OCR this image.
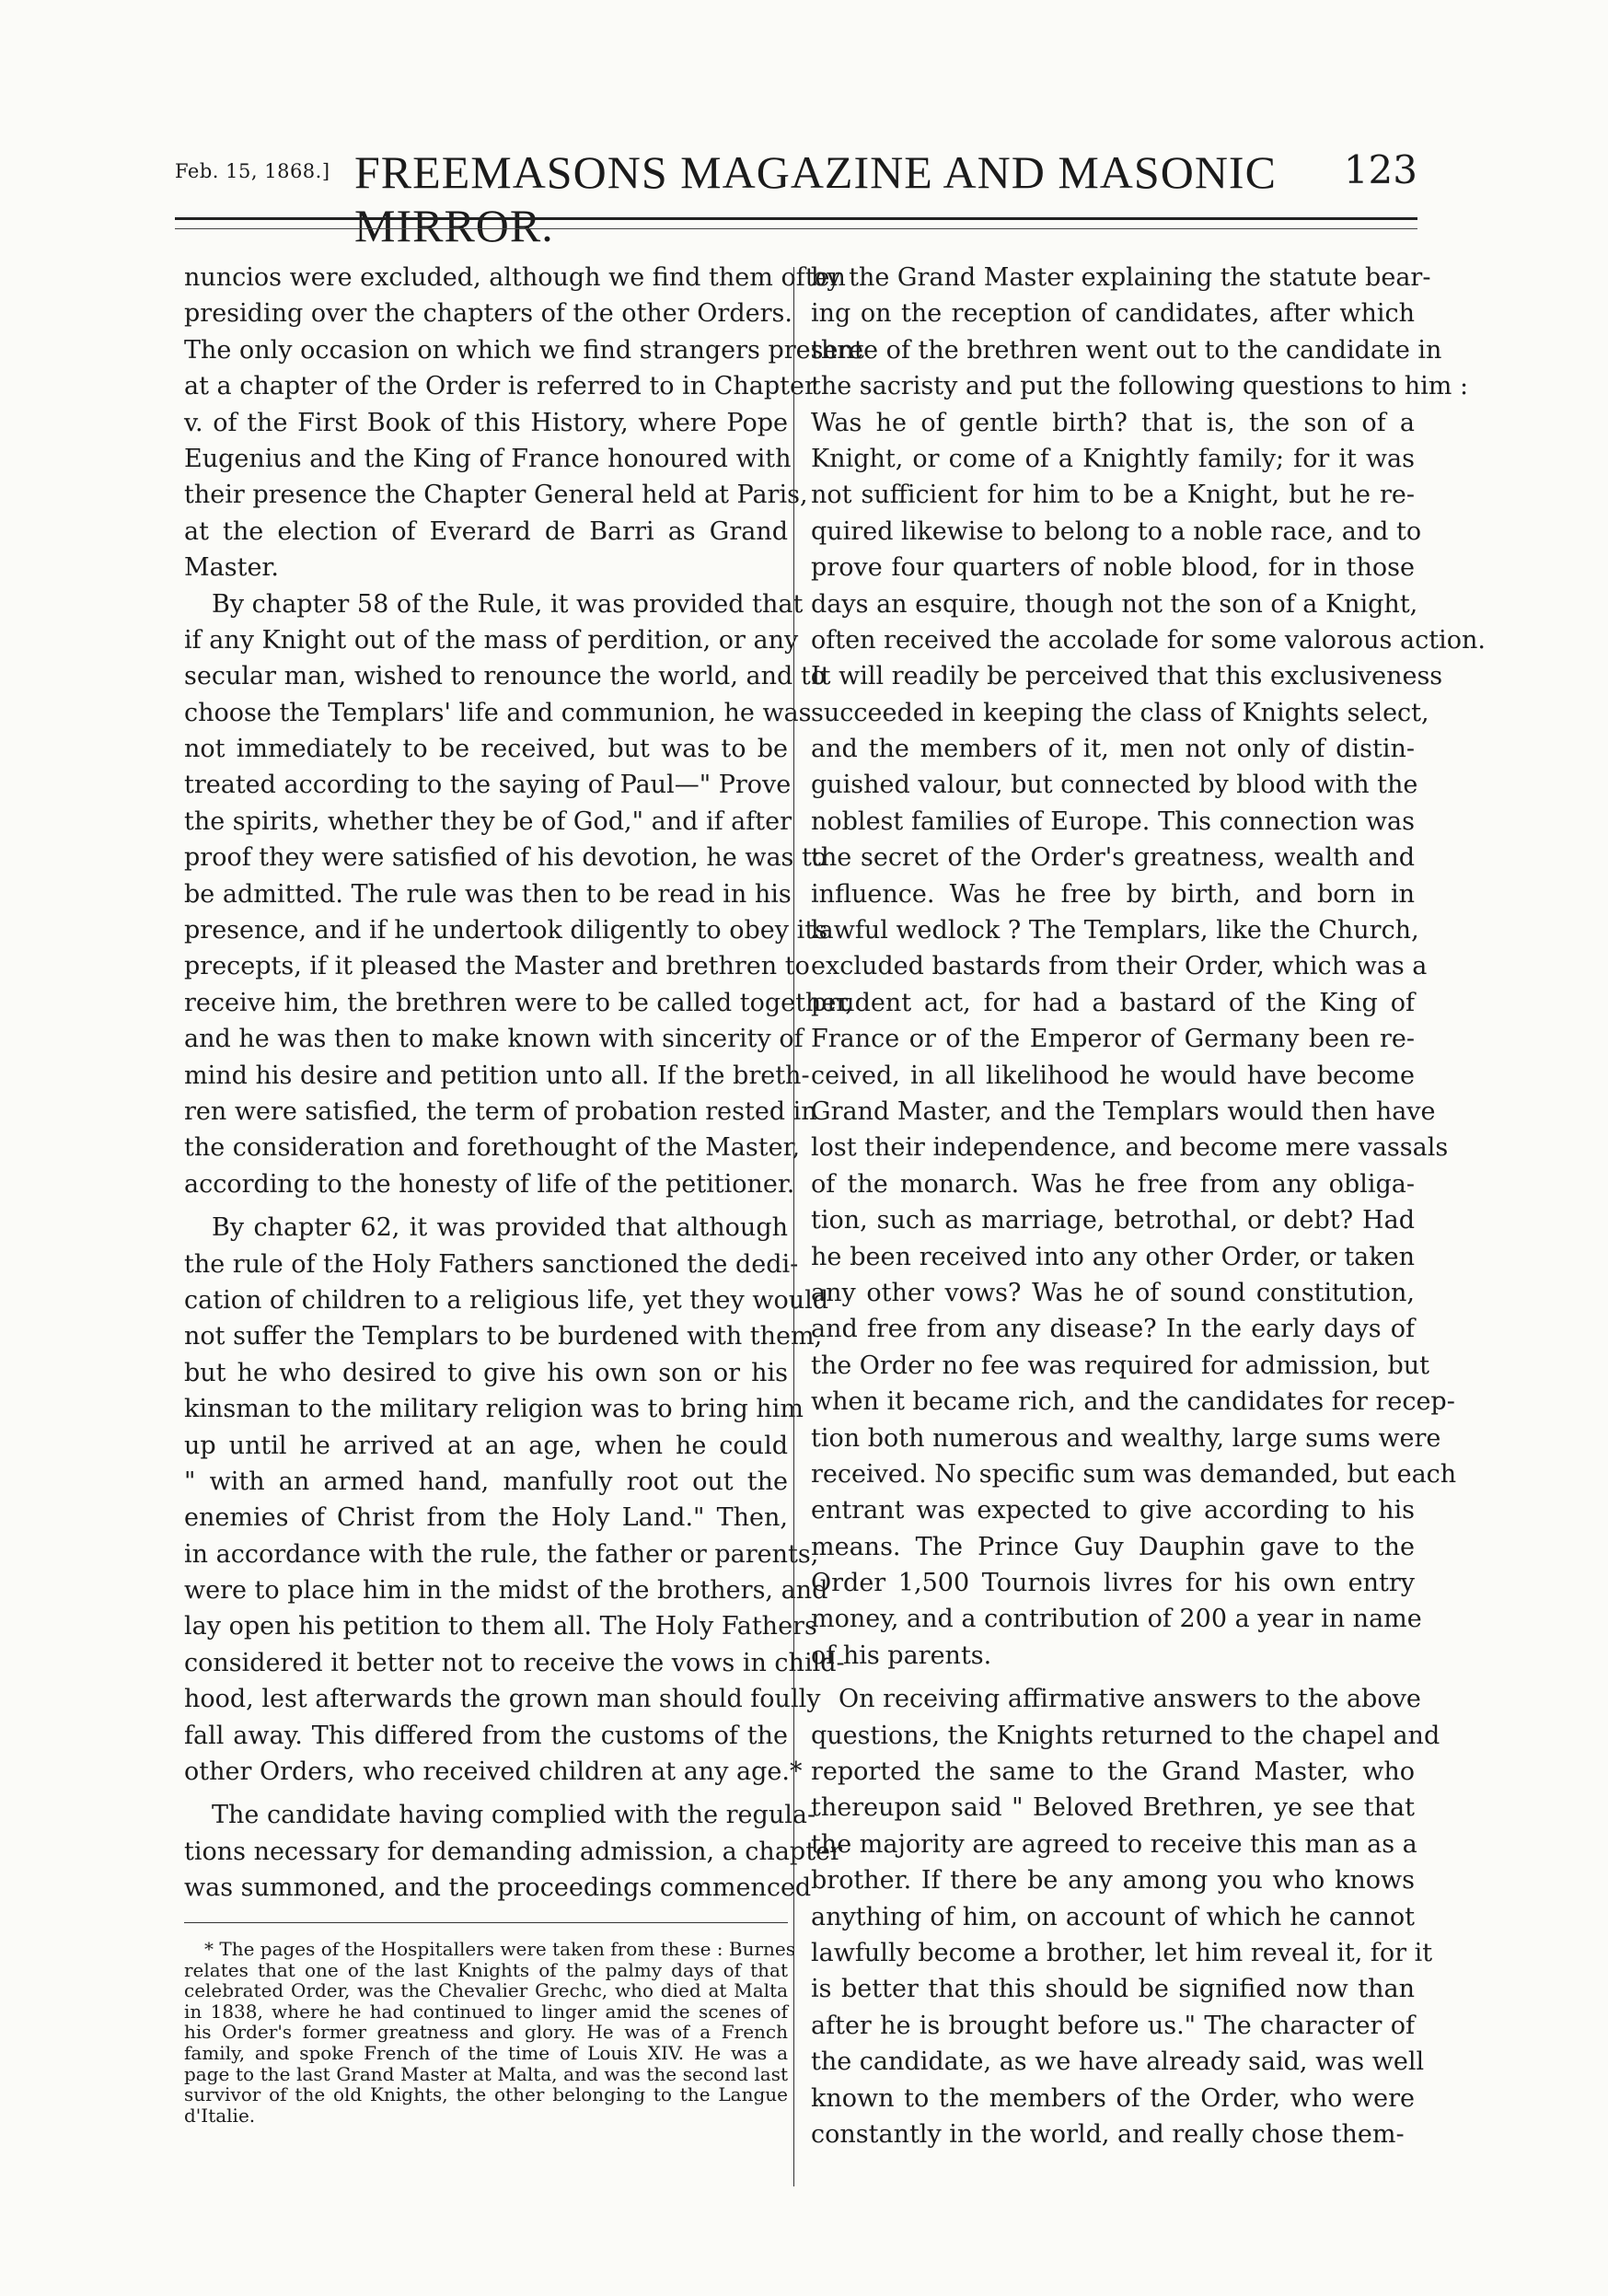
Feb. 15, 1868.] FREEMASONS MAGAZINE AND MASONIC MIRROR.
123
nuncios were excluded, although we find them often
presiding over the chapters of the other Orders.
The only occasion on which we find strangers present
at a chapter of the Order is referred to in Chapter
v. of the First Book of this History, where Pope
Eugenius and the King of France honoured with
their presence the Chapter General held at Paris,
at the election of Everard de Barri as Grand
Master.
By chapter 58 of the Rule, it was provided that
if any Knight out of the mass of perdition, or any
secular man, wished to renounce the world, and to
choose the Templars' life and communion, he was
not immediately to be received, but was to be
treated according to the saying of Paul—" Prove
the spirits, whether they be of God," and if after
proof they were satisfied of his devotion, he was to
be admitted. The rule was then to be read in his
presence, and if he undertook diligently to obey its
precepts, if it pleased the Master and brethren to
receive him, the brethren were to be called together,
and he was then to make known with sincerity of
mind his desire and petition unto all. If the breth-
ren were satisfied, the term of probation rested in
the consideration and forethought of the Master,
according to the honesty of life of the petitioner.
By chapter 62, it was provided that although
the rule of the Holy Fathers sanctioned the dedi-
cation of children to a religious life, yet they would
not suffer the Templars to be burdened with them,
but he who desired to give his own son or his
kinsman to the military religion was to bring him
up until he arrived at an age, when he could
" with an armed hand, manfully root out the
enemies of Christ from the Holy Land." Then,
in accordance with the rule, the father or parents,
were to place him in the midst of the brothers, and
lay open his petition to them all. The Holy Fathers
considered it better not to receive the vows in child-
hood, lest afterwards the grown man should foully
fall away. This differed from the customs of the
other Orders, who received children at any age.*
The candidate having complied with the regula-
tions necessary for demanding admission, a chapter
was summoned, and the proceedings commenced
by the Grand Master explaining the statute bear-
ing on the reception of candidates, after which
three of the brethren went out to the candidate in
the sacristy and put the following questions to him :
Was he of gentle birth? that is, the son of a
Knight, or come of a Knightly family; for it was
not sufficient for him to be a Knight, but he re-
quired likewise to belong to a noble race, and to
prove four quarters of noble blood, for in those
days an esquire, though not the son of a Knight,
often received the accolade for some valorous action.
It will readily be perceived that this exclusiveness
succeeded in keeping the class of Knights select,
and the members of it, men not only of distin-
guished valour, but connected by blood with the
noblest families of Europe. This connection was
the secret of the Order's greatness, wealth and
influence. Was he free by birth, and born in
lawful wedlock ? The Templars, like the Church,
excluded bastards from their Order, which was a
prudent act, for had a bastard of the King of
France or of the Emperor of Germany been re-
ceived, in all likelihood he would have become
Grand Master, and the Templars would then have
lost their independence, and become mere vassals
of the monarch. Was he free from any obliga-
tion, such as marriage, betrothal, or debt? Had
he been received into any other Order, or taken
any other vows? Was he of sound constitution,
and free from any disease? In the early days of
the Order no fee was required for admission, but
when it became rich, and the candidates for recep-
tion both numerous and wealthy, large sums were
received. No specific sum was demanded, but each
entrant was expected to give according to his
means. The Prince Guy Dauphin gave to the
Order 1,500 Tournois livres for his own entry
money, and a contribution of 200 a year in name
of his parents.
On receiving affirmative answers to the above
questions, the Knights returned to the chapel and
reported the same to the Grand Master, who
thereupon said " Beloved Brethren, ye see that
the majority are agreed to receive this man as a
brother. If there be any among you who knows
anything of him, on account of which he cannot
lawfully become a brother, let him reveal it, for it
is better that this should be signified now than
after he is brought before us." The character of
the candidate, as we have already said, was well
known to the members of the Order, who were
constantly in the world, and really chose them-
* The pages of the Hospitallers were taken from these : Burnes
relates that one of the last Knights of the palmy days of that
celebrated Order, was the Chevalier Grechc, who died at Malta
in 1838, where he had continued to linger amid the scenes of
his Order's former greatness and glory. He was of a French
family, and spoke French of the time of Louis XIV. He was a
page to the last Grand Master at Malta, and was the second last
survivor of the old Knights, the other belonging to the Langue
d'Italie.
